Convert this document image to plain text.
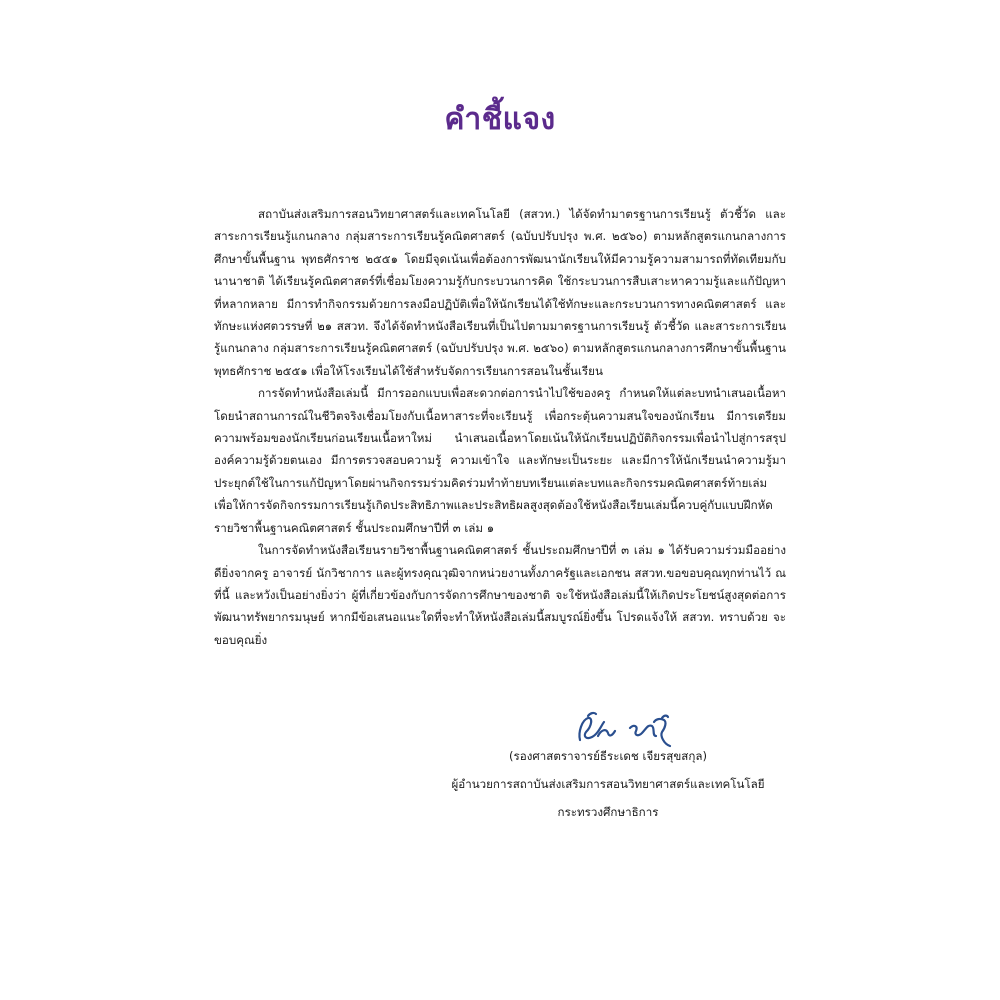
คำชี้แจง

สถาบันส่งเสริมการสอนวิทยาศาสตร์และเทคโนโลยี (สสวท.) ได้จัดทำมาตรฐานการเรียนรู้ ตัวชี้วัด และสาระการเรียนรู้แกนกลาง กลุ่มสาระการเรียนรู้คณิตศาสตร์ (ฉบับปรับปรุง พ.ศ. ๒๕๖๐) ตามหลักสูตรแกนกลางการศึกษาขั้นพื้นฐาน พุทธศักราช ๒๕๕๑ โดยมีจุดเน้นเพื่อต้องการพัฒนานักเรียนให้มีความรู้ความสามารถที่ทัดเทียมกับนานาชาติ ได้เรียนรู้คณิตศาสตร์ที่เชื่อมโยงความรู้กับกระบวนการคิด ใช้กระบวนการสืบเสาะหาความรู้และแก้ปัญหาที่หลากหลาย มีการทำกิจกรรมด้วยการลงมือปฏิบัติเพื่อให้นักเรียนได้ใช้ทักษะและกระบวนการทางคณิตศาสตร์ และทักษะแห่งศตวรรษที่ ๒๑ สสวท. จึงได้จัดทำหนังสือเรียนที่เป็นไปตามมาตรฐานการเรียนรู้ ตัวชี้วัด และสาระการเรียนรู้แกนกลาง กลุ่มสาระการเรียนรู้คณิตศาสตร์ (ฉบับปรับปรุง พ.ศ. ๒๕๖๐) ตามหลักสูตรแกนกลางการศึกษาขั้นพื้นฐาน พุทธศักราช ๒๕๕๑ เพื่อให้โรงเรียนได้ใช้สำหรับจัดการเรียนการสอนในชั้นเรียน

การจัดทำหนังสือเล่มนี้ มีการออกแบบเพื่อสะดวกต่อการนำไปใช้ของครู กำหนดให้แต่ละบทนำเสนอเนื้อหาโดยนำสถานการณ์ในชีวิตจริงเชื่อมโยงกับเนื้อหาสาระที่จะเรียนรู้ เพื่อกระตุ้นความสนใจของนักเรียน มีการเตรียมความพร้อมของนักเรียนก่อนเรียนเนื้อหาใหม่ นำเสนอเนื้อหาโดยเน้นให้นักเรียนปฏิบัติกิจกรรมเพื่อนำไปสู่การสรุปองค์ความรู้ด้วยตนเอง มีการตรวจสอบความรู้ ความเข้าใจ และทักษะเป็นระยะ และมีการให้นักเรียนนำความรู้มาประยุกต์ใช้ในการแก้ปัญหาโดยผ่านกิจกรรมร่วมคิดร่วมทำท้ายบทเรียนแต่ละบทและกิจกรรมคณิตศาสตร์ท้ายเล่ม เพื่อให้การจัดกิจกรรมการเรียนรู้เกิดประสิทธิภาพและประสิทธิผลสูงสุดต้องใช้หนังสือเรียนเล่มนี้ควบคู่กับแบบฝึกหัดรายวิชาพื้นฐานคณิตศาสตร์ ชั้นประถมศึกษาปีที่ ๓ เล่ม ๑

ในการจัดทำหนังสือเรียนรายวิชาพื้นฐานคณิตศาสตร์ ชั้นประถมศึกษาปีที่ ๓ เล่ม ๑ ได้รับความร่วมมืออย่างดียิ่งจากครู อาจารย์ นักวิชาการ และผู้ทรงคุณวุฒิจากหน่วยงานทั้งภาครัฐและเอกชน สสวท.ขอขอบคุณทุกท่านไว้ ณ ที่นี้ และหวังเป็นอย่างยิ่งว่า ผู้ที่เกี่ยวข้องกับการจัดการศึกษาของชาติ จะใช้หนังสือเล่มนี้ให้เกิดประโยชน์สูงสุดต่อการพัฒนาทรัพยากรมนุษย์ หากมีข้อเสนอแนะใดที่จะทำให้หนังสือเล่มนี้สมบูรณ์ยิ่งขึ้น โปรดแจ้งให้ สสวท. ทราบด้วย จะขอบคุณยิ่ง

(รองศาสตราจารย์ธีระเดช เจียรสุขสกุล)
ผู้อำนวยการสถาบันส่งเสริมการสอนวิทยาศาสตร์และเทคโนโลยี
กระทรวงศึกษาธิการ
